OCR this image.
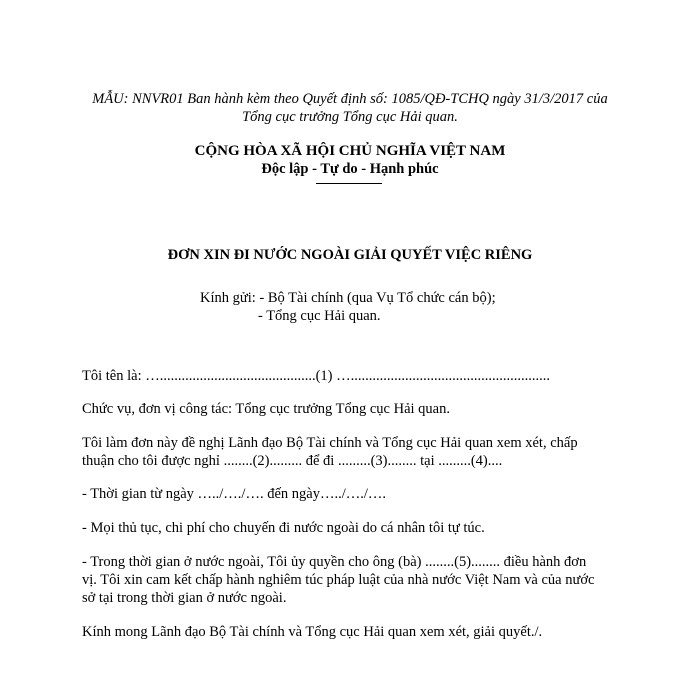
MẪU: NNVR01 Ban hành kèm theo Quyết định số: 1085/QĐ-TCHQ ngày 31/3/2017 của
Tổng cục trưởng Tổng cục Hải quan.
CỘNG HÒA XÃ HỘI CHỦ NGHĨA VIỆT NAM
Độc lập - Tự do - Hạnh phúc
ĐƠN XIN ĐI NƯỚC NGOÀI GIẢI QUYẾT VIỆC RIÊNG
Kính gửi: - Bộ Tài chính (qua Vụ Tổ chức cán bộ);
- Tổng cục Hải quan.
Tôi tên là: …...........................................(1) ….......................................................
Chức vụ, đơn vị công tác: Tổng cục trưởng Tổng cục Hải quan.
Tôi làm đơn này đề nghị Lãnh đạo Bộ Tài chính và Tổng cục Hải quan xem xét, chấp
thuận cho tôi được nghỉ ........(2)......... để đi .........(3)........ tại .........(4)....
- Thời gian từ ngày …../…./…. đến ngày…../…./….
- Mọi thủ tục, chi phí cho chuyến đi nước ngoài do cá nhân tôi tự túc.
- Trong thời gian ở nước ngoài, Tôi ủy quyền cho ông (bà) ........(5)........ điều hành đơn
vị. Tôi xin cam kết chấp hành nghiêm túc pháp luật của nhà nước Việt Nam và của nước
sở tại trong thời gian ở nước ngoài.
Kính mong Lãnh đạo Bộ Tài chính và Tổng cục Hải quan xem xét, giải quyết./.
